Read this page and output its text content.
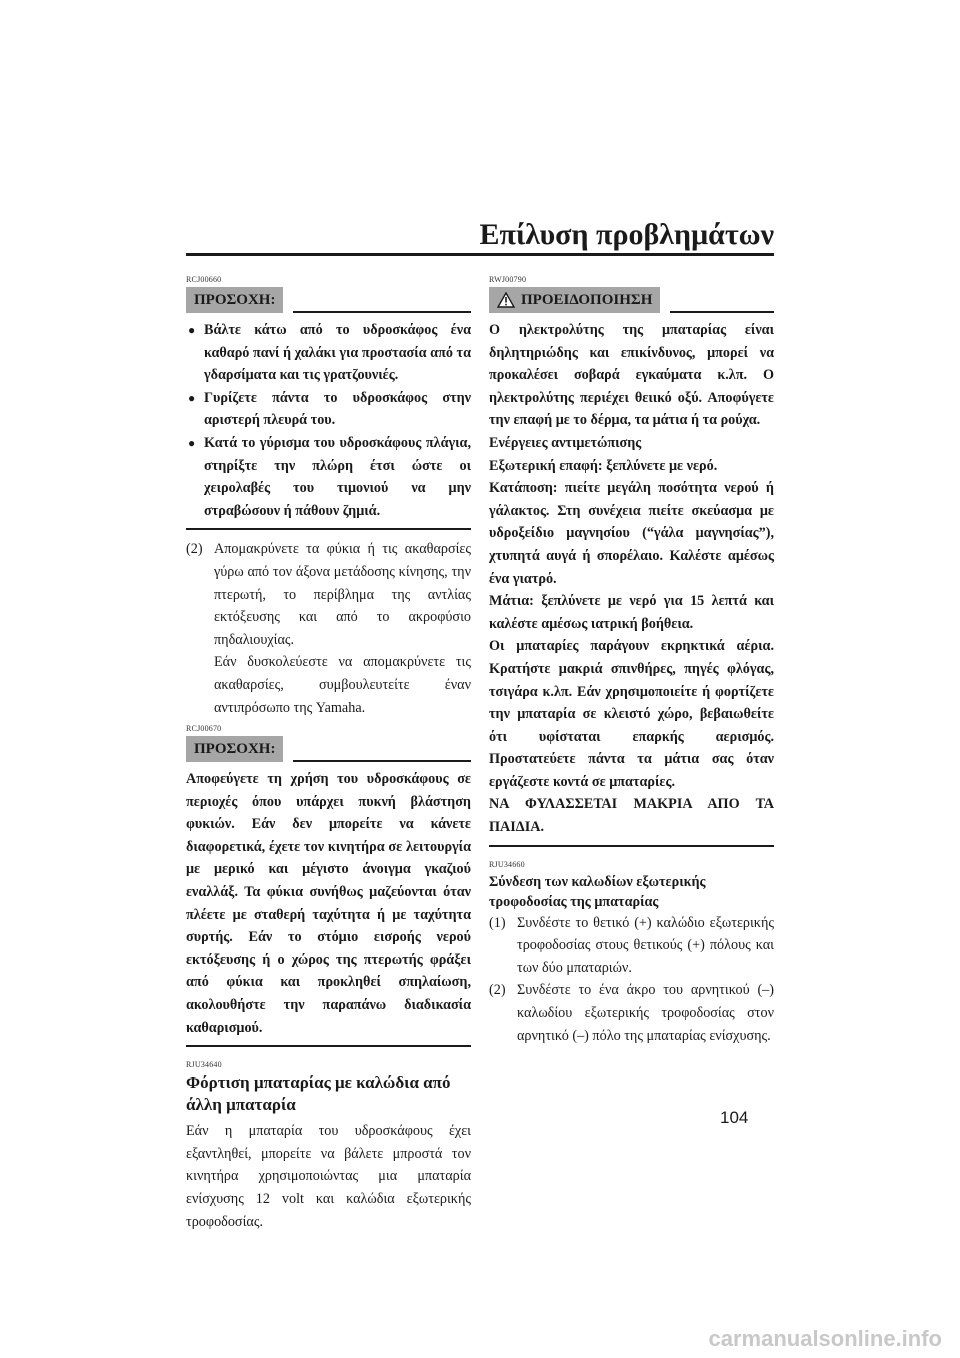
Επίλυση προβλημάτων
RCJ00660
ΠΡΟΣΟΧΗ:
● Βάλτε κάτω από το υδροσκάφος ένα καθαρό πανί ή χαλάκι για προστασία από τα γδαρσίματα και τις γρατζουνιές.
● Γυρίζετε πάντα το υδροσκάφος στην αριστερή πλευρά του.
● Κατά το γύρισμα του υδροσκάφους πλάγια, στηρίξτε την πλώρη έτσι ώστε οι χειρολαβές του τιμονιού να μην στραβώσουν ή πάθουν ζημιά.
(2) Απομακρύνετε τα φύκια ή τις ακαθαρσίες γύρω από τον άξονα μετάδοσης κίνησης, την πτερωτή, το περίβλημα της αντλίας εκτόξευσης και από το ακροφύσιο πηδαλιουχίας.

Εάν δυσκολεύεστε να απομακρύνετε τις ακαθαρσίες, συμβουλευτείτε έναν αντιπρόσωπο της Yamaha.

RCJ00670
ΠΡΟΣΟΧΗ:

Αποφεύγετε τη χρήση του υδροσκάφους σε περιοχές όπου υπάρχει πυκνή βλάστηση φυκιών. Εάν δεν μπορείτε να κάνετε διαφορετικά, έχετε τον κινητήρα σε λειτουργία με μερικό και μέγιστο άνοιγμα γκαζιού εναλλάξ. Τα φύκια συνήθως μαζεύονται όταν πλέετε με σταθερή ταχύτητα ή με ταχύτητα συρτής. Εάν το στόμιο εισροής νερού εκτόξευσης ή ο χώρος της πτερωτής φράξει από φύκια και προκληθεί σπηλαίωση, ακολουθήστε την παραπάνω διαδικασία καθαρισμού.

RJU34640

Φόρτιση μπαταρίας με καλώδια από άλλη μπαταρία

Εάν η μπαταρία του υδροσκάφους έχει εξαντληθεί, μπορείτε να βάλετε μπροστά τον κινητήρα χρησιμοποιώντας μια μπαταρία ενίσχυσης 12 volt και καλώδια εξωτερικής τροφοδοσίας.

RWJ00790
ΠΡΟΕΙΔΟΠΟΙΗΣΗ

Ο ηλεκτρολύτης της μπαταρίας είναι δηλητηριώδης και επικίνδυνος, μπορεί να προκαλέσει σοβαρά εγκαύματα κ.λπ. Ο ηλεκτρολύτης περιέχει θειικό οξύ. Αποφύγετε την επαφή με το δέρμα, τα μάτια ή τα ρούχα.

Ενέργειες αντιμετώπισης

Εξωτερική επαφή: ξεπλύνετε με νερό.

Κατάποση: πιείτε μεγάλη ποσότητα νερού ή γάλακτος. Στη συνέχεια πιείτε σκεύασμα με υδροξείδιο μαγνησίου (“γάλα μαγνησίας”), χτυπητά αυγά ή σπορέλαιο. Καλέστε αμέσως ένα γιατρό.

Μάτια: ξεπλύνετε με νερό για 15 λεπτά και καλέστε αμέσως ιατρική βοήθεια.

Οι μπαταρίες παράγουν εκρηκτικά αέρια. Κρατήστε μακριά σπινθήρες, πηγές φλόγας, τσιγάρα κ.λπ. Εάν χρησιμοποιείτε ή φορτίζετε την μπαταρία σε κλειστό χώρο, βεβαιωθείτε ότι υφίσταται επαρκής αερισμός. Προστατεύετε πάντα τα μάτια σας όταν εργάζεστε κοντά σε μπαταρίες.

ΝΑ ΦΥΛΑΣΣΕΤΑΙ ΜΑΚΡΙΑ ΑΠΟ ΤΑ ΠΑΙΔΙΑ.

RJU34660

Σύνδεση των καλωδίων εξωτερικής τροφοδοσίας της μπαταρίας

(1) Συνδέστε το θετικό (+) καλώδιο εξωτερικής τροφοδοσίας στους θετικούς (+) πόλους και των δύο μπαταριών.
(2) Συνδέστε το ένα άκρο του αρνητικού (–) καλωδίου εξωτερικής τροφοδοσίας στον αρνητικό (–) πόλο της μπαταρίας ενίσχυσης.
104
carmanualsonline.info
